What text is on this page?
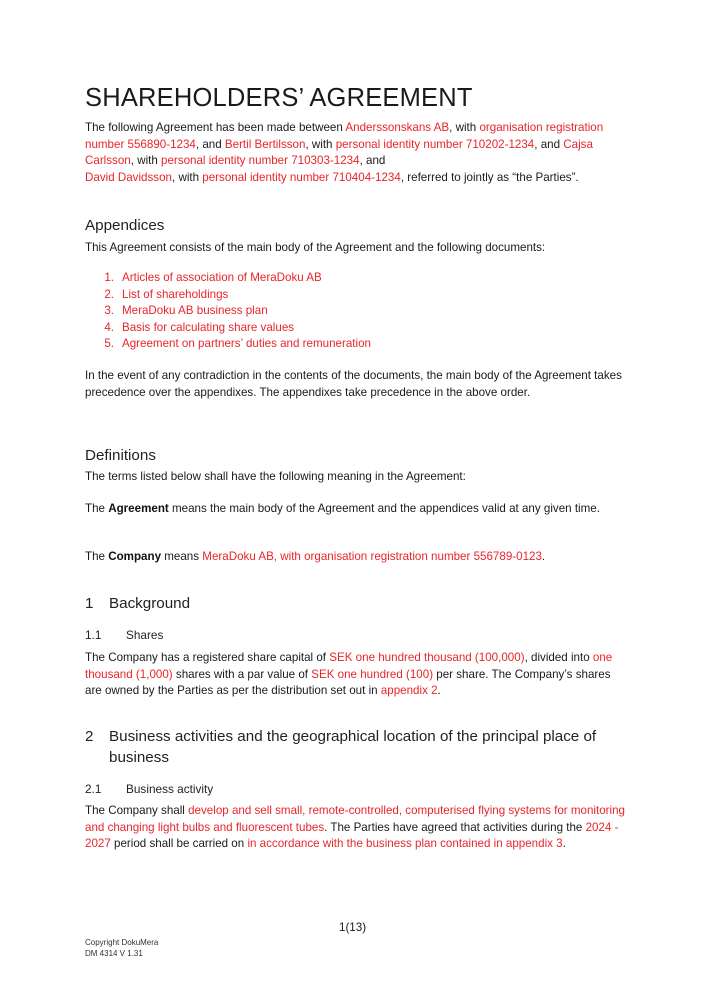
SHAREHOLDERS’ AGREEMENT

The following Agreement has been made between Anderssonskans AB, with organisation registration number 556890-1234, and Bertil Bertilsson, with personal identity number 710202-1234, and Cajsa Carlsson, with personal identity number 710303-1234, and
David Davidsson, with personal identity number 710404-1234, referred to jointly as “the Parties”.

Appendices

This Agreement consists of the main body of the Agreement and the following documents:

1. Articles of association of MeraDoku AB
2. List of shareholdings
3. MeraDoku AB business plan
4. Basis for calculating share values
5. Agreement on partners’ duties and remuneration

In the event of any contradiction in the contents of the documents, the main body of the Agreement takes precedence over the appendixes. The appendixes take precedence in the above order.

Definitions

The terms listed below shall have the following meaning in the Agreement:

The Agreement means the main body of the Agreement and the appendices valid at any given time.

The Company means MeraDoku AB, with organisation registration number 556789-0123.

1	Background
1.1	Shares

The Company has a registered share capital of SEK one hundred thousand (100,000), divided into one thousand (1,000) shares with a par value of SEK one hundred (100) per share. The Company’s shares are owned by the Parties as per the distribution set out in appendix 2.

2	Business activities and the geographical location of the principal place of business
2.1	Business activity

The Company shall develop and sell small, remote-controlled, computerised flying systems for monitoring and changing light bulbs and fluorescent tubes. The Parties have agreed that activities during the 2024 - 2027 period shall be carried on in accordance with the business plan contained in appendix 3.

1(13)
Copyright DokuMera
DM 4314 V 1.31
